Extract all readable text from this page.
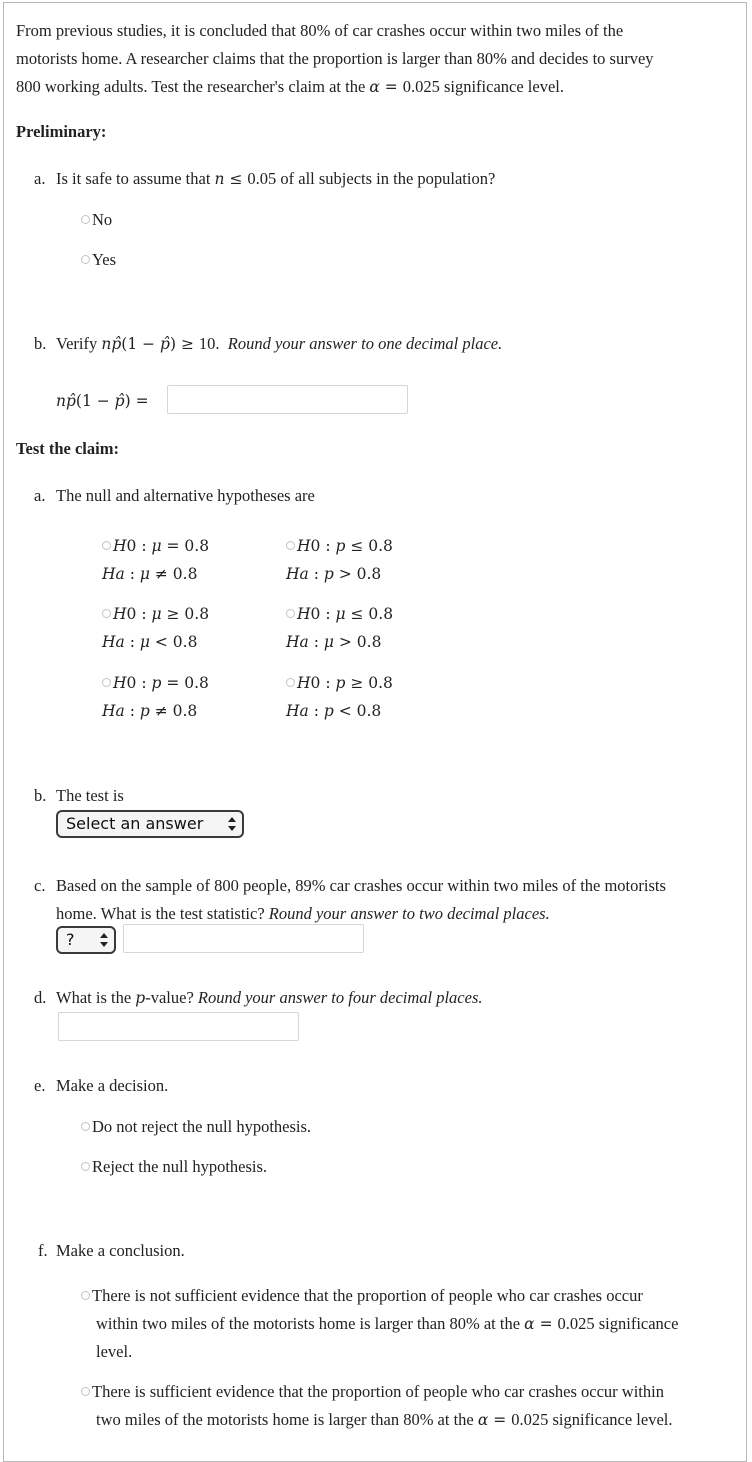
From previous studies, it is concluded that 80% of car crashes occur within two miles of the
motorists home. A researcher claims that the proportion is larger than 80% and decides to survey
800 working adults. Test the researcher's claim at the α = 0.025 significance level.
Preliminary:
a. Is it safe to assume that n ≤ 0.05 of all subjects in the population?
No
Yes
b. Verify np̂(1 − p̂) ≥ 10. Round your answer to one decimal place.
np̂(1 − p̂) =
Test the claim:
a. The null and alternative hypotheses are
H0 : μ = 0.8
Ha : μ ≠ 0.8
H0 : p ≤ 0.8
Ha : p > 0.8
H0 : μ ≥ 0.8
Ha : μ < 0.8
H0 : μ ≤ 0.8
Ha : μ > 0.8
H0 : p = 0.8
Ha : p ≠ 0.8
H0 : p ≥ 0.8
Ha : p < 0.8
b. The test is
Select an answer
c. Based on the sample of 800 people, 89% car crashes occur within two miles of the motorists
home. What is the test statistic? Round your answer to two decimal places.
?
d. What is the p-value? Round your answer to four decimal places.
e. Make a decision.
Do not reject the null hypothesis.
Reject the null hypothesis.
f. Make a conclusion.
There is not sufficient evidence that the proportion of people who car crashes occur
within two miles of the motorists home is larger than 80% at the α = 0.025 significance
level.
There is sufficient evidence that the proportion of people who car crashes occur within
two miles of the motorists home is larger than 80% at the α = 0.025 significance level.
